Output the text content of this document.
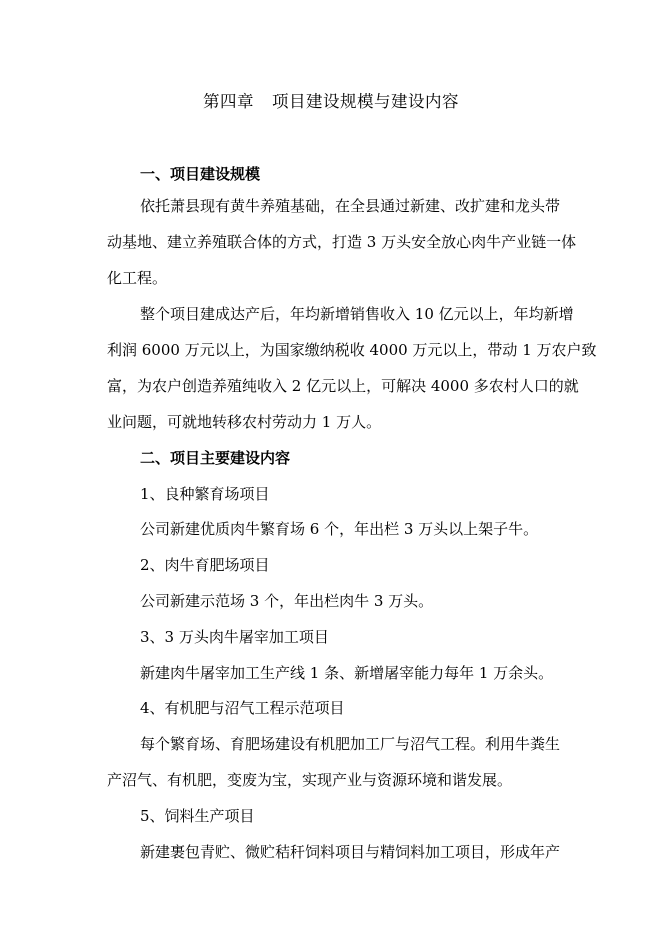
第四章 项目建设规模与建设内容
一、项目建设规模
依托萧县现有黄牛养殖基础，在全县通过新建、改扩建和龙头带
动基地、建立养殖联合体的方式，打造 3 万头安全放心肉牛产业链一体
化工程。
整个项目建成达产后，年均新增销售收入 10 亿元以上，年均新增
利润 6000 万元以上，为国家缴纳税收 4000 万元以上，带动 1 万农户致
富，为农户创造养殖纯收入 2 亿元以上，可解决 4000 多农村人口的就
业问题，可就地转移农村劳动力 1 万人。
二、项目主要建设内容
1、良种繁育场项目
公司新建优质肉牛繁育场 6 个，年出栏 3 万头以上架子牛。
2、肉牛育肥场项目
公司新建示范场 3 个，年出栏肉牛 3 万头。
3、3 万头肉牛屠宰加工项目
新建肉牛屠宰加工生产线 1 条、新增屠宰能力每年 1 万余头。
4、有机肥与沼气工程示范项目
每个繁育场、育肥场建设有机肥加工厂与沼气工程。利用牛粪生
产沼气、有机肥，变废为宝，实现产业与资源环境和谐发展。
5、饲料生产项目
新建裹包青贮、微贮秸秆饲料项目与精饲料加工项目，形成年产
